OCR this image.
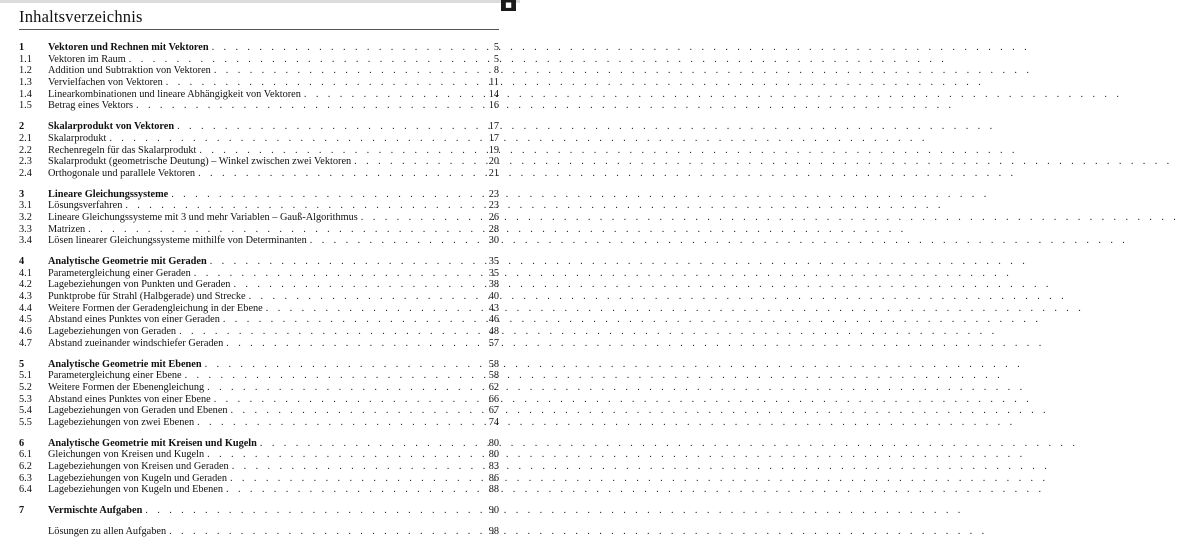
■
Inhaltsverzeichnis
1	Vektoren und Rechnen mit Vektoren . . .	5
1.1	Vektoren im Raum . . .	5
1.2	Addition und Subtraktion von Vektoren . . .	8
1.3	Vervielfachen von Vektoren . . .	11
1.4	Linearkombinationen und lineare Abhängigkeit von Vektoren . . .	14
1.5	Betrag eines Vektors . . .	16
2	Skalarprodukt von Vektoren . . .	17
2.1	Skalarprodukt . . .	17
2.2	Rechenregeln für das Skalarprodukt . . .	19
2.3	Skalarprodukt (geometrische Deutung) – Winkel zwischen zwei Vektoren . . .	20
2.4	Orthogonale und parallele Vektoren . . .	21
3	Lineare Gleichungssysteme . . .	23
3.1	Lösungsverfahren . . .	23
3.2	Lineare Gleichungssysteme mit 3 und mehr Variablen – Gauß-Algorithmus . . .	26
3.3	Matrizen . . .	28
3.4	Lösen linearer Gleichungssysteme mithilfe von Determinanten . . .	30
4	Analytische Geometrie mit Geraden . . .	35
4.1	Parametergleichung einer Geraden . . .	35
4.2	Lagebeziehungen von Punkten und Geraden . . .	38
4.3	Punktprobe für Strahl (Halbgerade) und Strecke . . .	40
4.4	Weitere Formen der Geradengleichung in der Ebene . . .	43
4.5	Abstand eines Punktes von einer Geraden . . .	46
4.6	Lagebeziehungen von Geraden . . .	48
4.7	Abstand zueinander windschiefer Geraden . . .	57
5	Analytische Geometrie mit Ebenen . . .	58
5.1	Parametergleichung einer Ebene . . .	58
5.2	Weitere Formen der Ebenengleichung . . .	62
5.3	Abstand eines Punktes von einer Ebene . . .	66
5.4	Lagebeziehungen von Geraden und Ebenen . . .	67
5.5	Lagebeziehungen von zwei Ebenen . . .	74
6	Analytische Geometrie mit Kreisen und Kugeln . . .	80
6.1	Gleichungen von Kreisen und Kugeln . . .	80
6.2	Lagebeziehungen von Kreisen und Geraden . . .	83
6.3	Lagebeziehungen von Kugeln und Geraden . . .	86
6.4	Lagebeziehungen von Kugeln und Ebenen . . .	88
7	Vermischte Aufgaben . . .	90
Lösungen zu allen Aufgaben . . .	98
